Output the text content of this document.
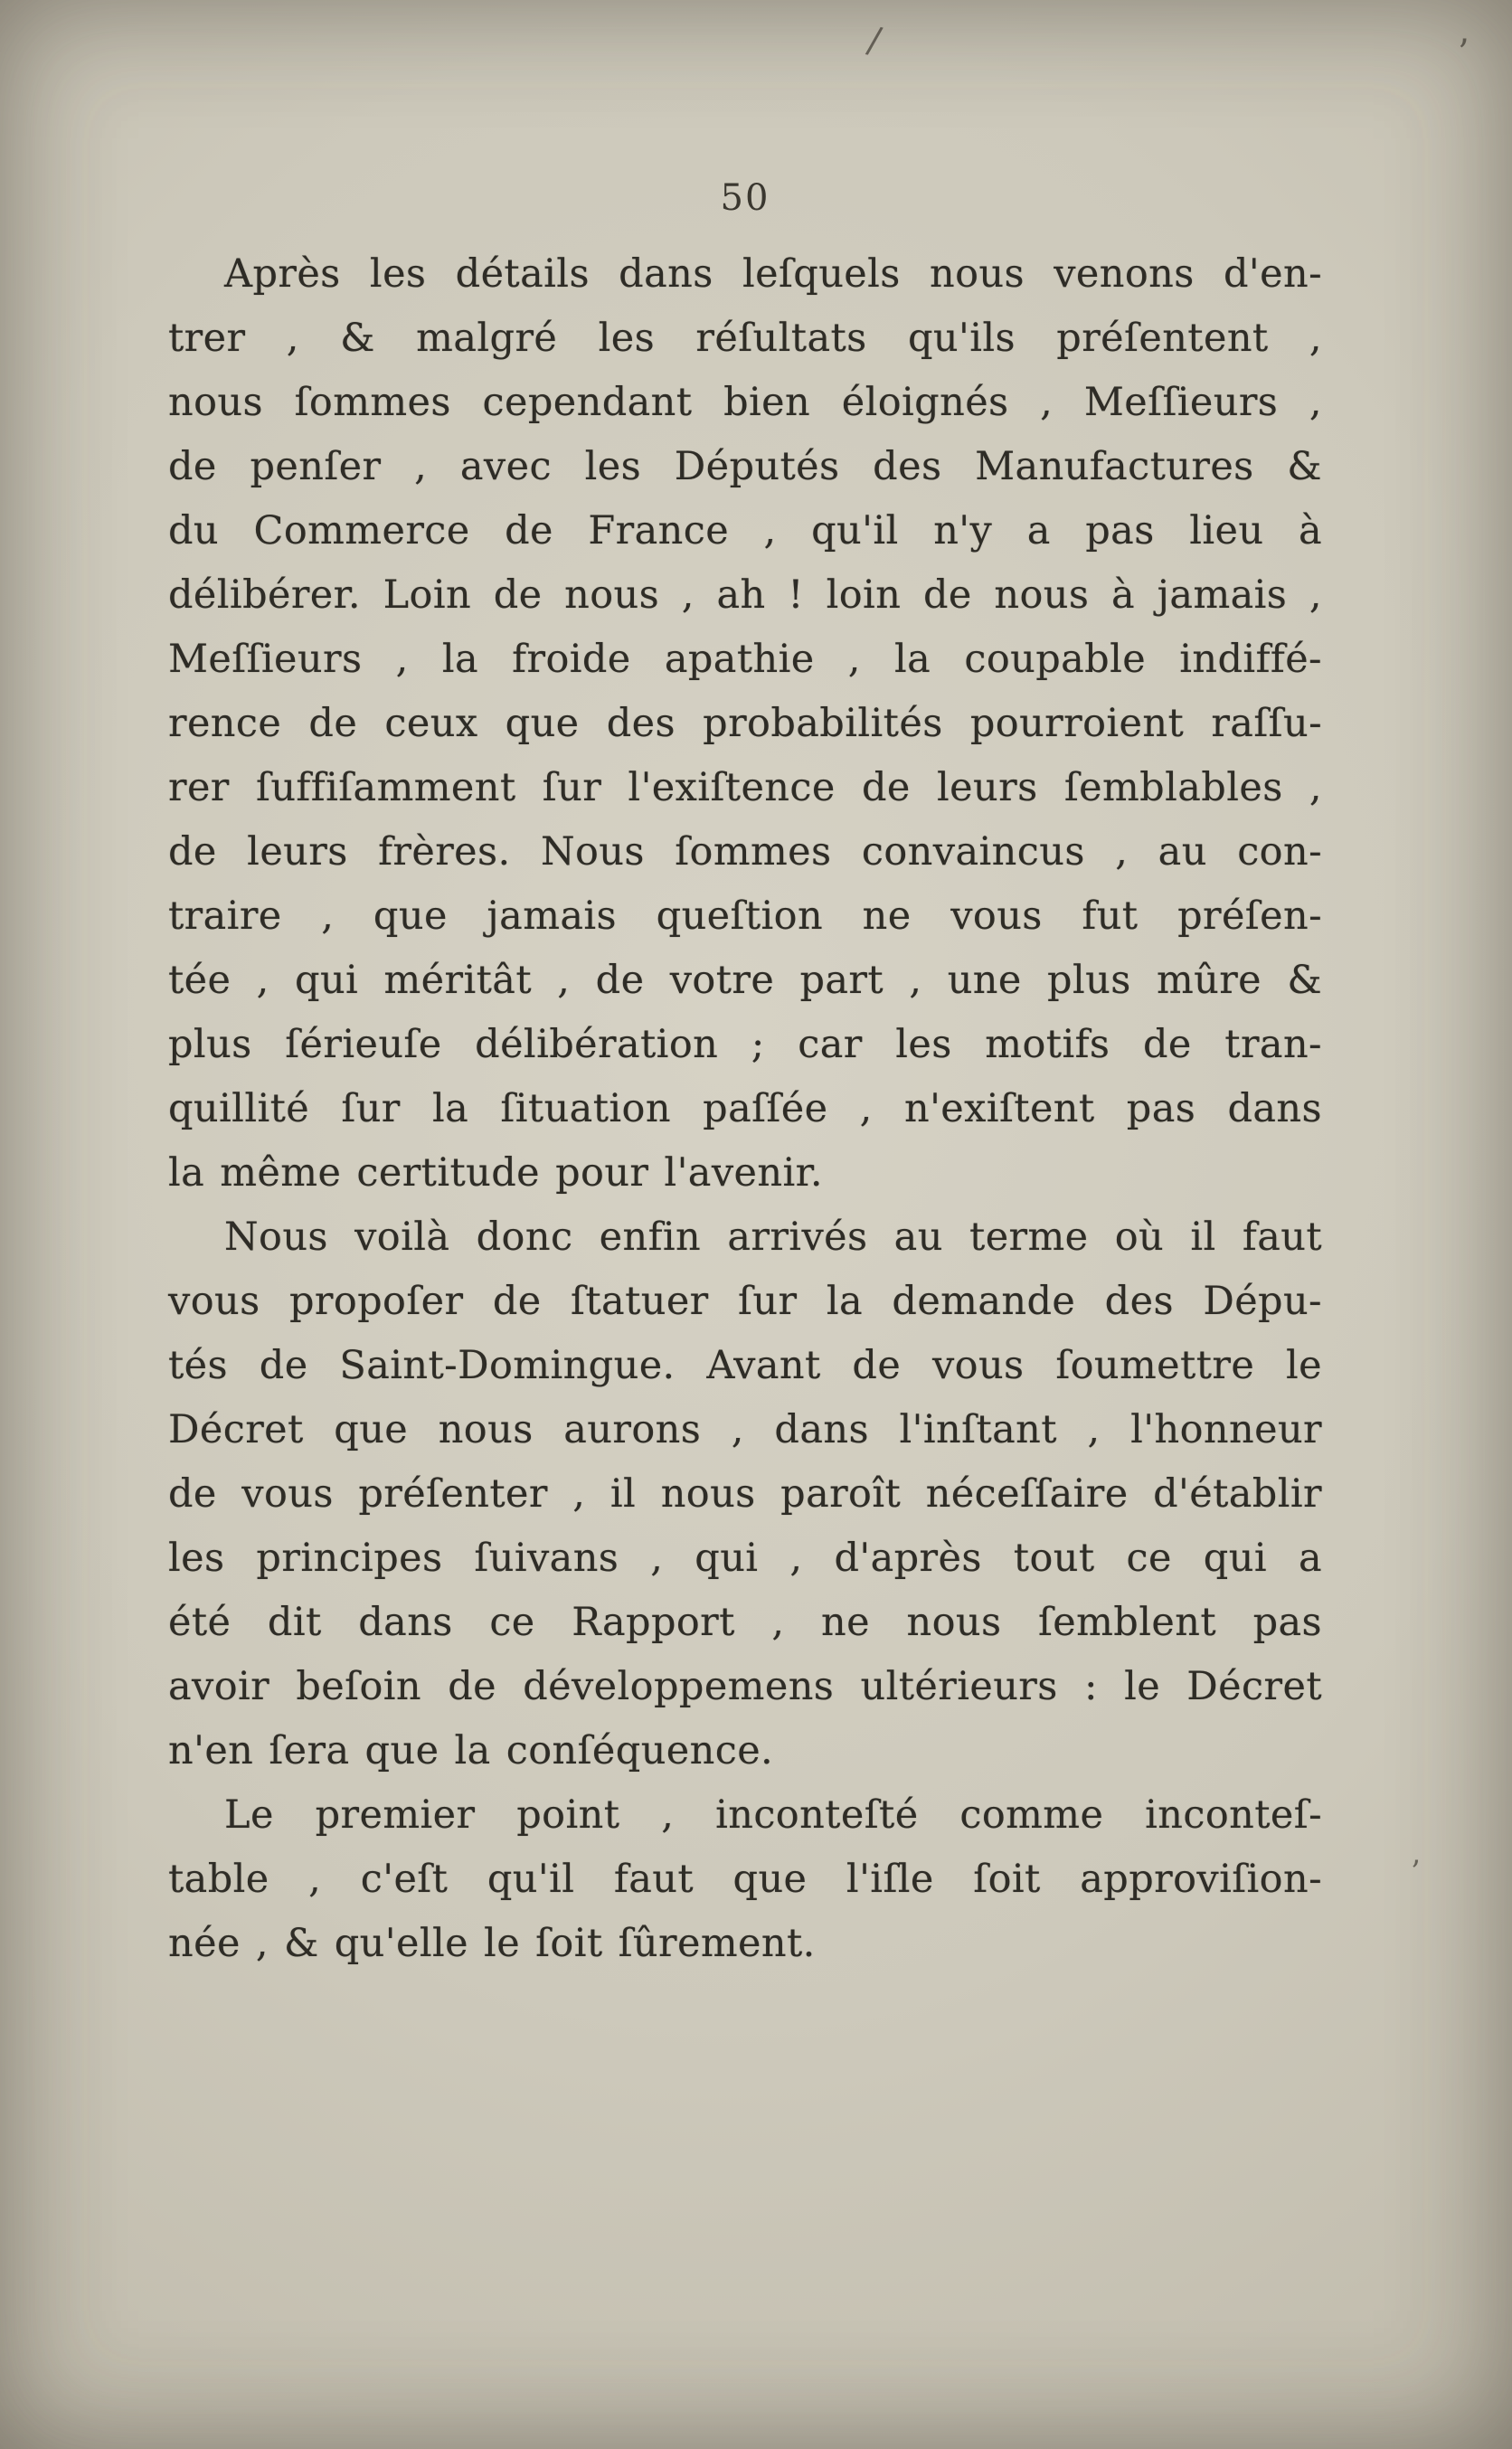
/	’
’
50
Après les détails dans leſquels nous venons d'en-
trer , & malgré les réſultats qu'ils préſentent ,
nous ſommes cependant bien éloignés , Meſſieurs ,
de penſer , avec les Députés des Manufactures &
du Commerce de France , qu'il n'y a pas lieu à
délibérer. Loin de nous , ah ! loin de nous à jamais ,
Meſſieurs , la froide apathie , la coupable indiffé-
rence de ceux que des probabilités pourroient raſſu-
rer ſuffiſamment ſur l'exiſtence de leurs ſemblables ,
de leurs frères. Nous ſommes convaincus , au con-
traire , que jamais queſtion ne vous fut préſen-
tée , qui méritât , de votre part , une plus mûre &
plus ſérieuſe délibération ; car les motifs de tran-
quillité ſur la ſituation paſſée , n'exiſtent pas dans
la même certitude pour l'avenir.
Nous voilà donc enfin arrivés au terme où il faut
vous propoſer de ſtatuer ſur la demande des Dépu-
tés de Saint-Domingue. Avant de vous ſoumettre le
Décret que nous aurons , dans l'inſtant , l'honneur
de vous préſenter , il nous paroît néceſſaire d'établir
les principes ſuivans , qui , d'après tout ce qui a
été dit dans ce Rapport , ne nous ſemblent pas
avoir beſoin de développemens ultérieurs : le Décret
n'en ſera que la conſéquence.
Le premier point , inconteſté comme inconteſ-
table , c'eſt qu'il faut que l'iſle ſoit approviſion-
née , & qu'elle le ſoit ſûrement.
